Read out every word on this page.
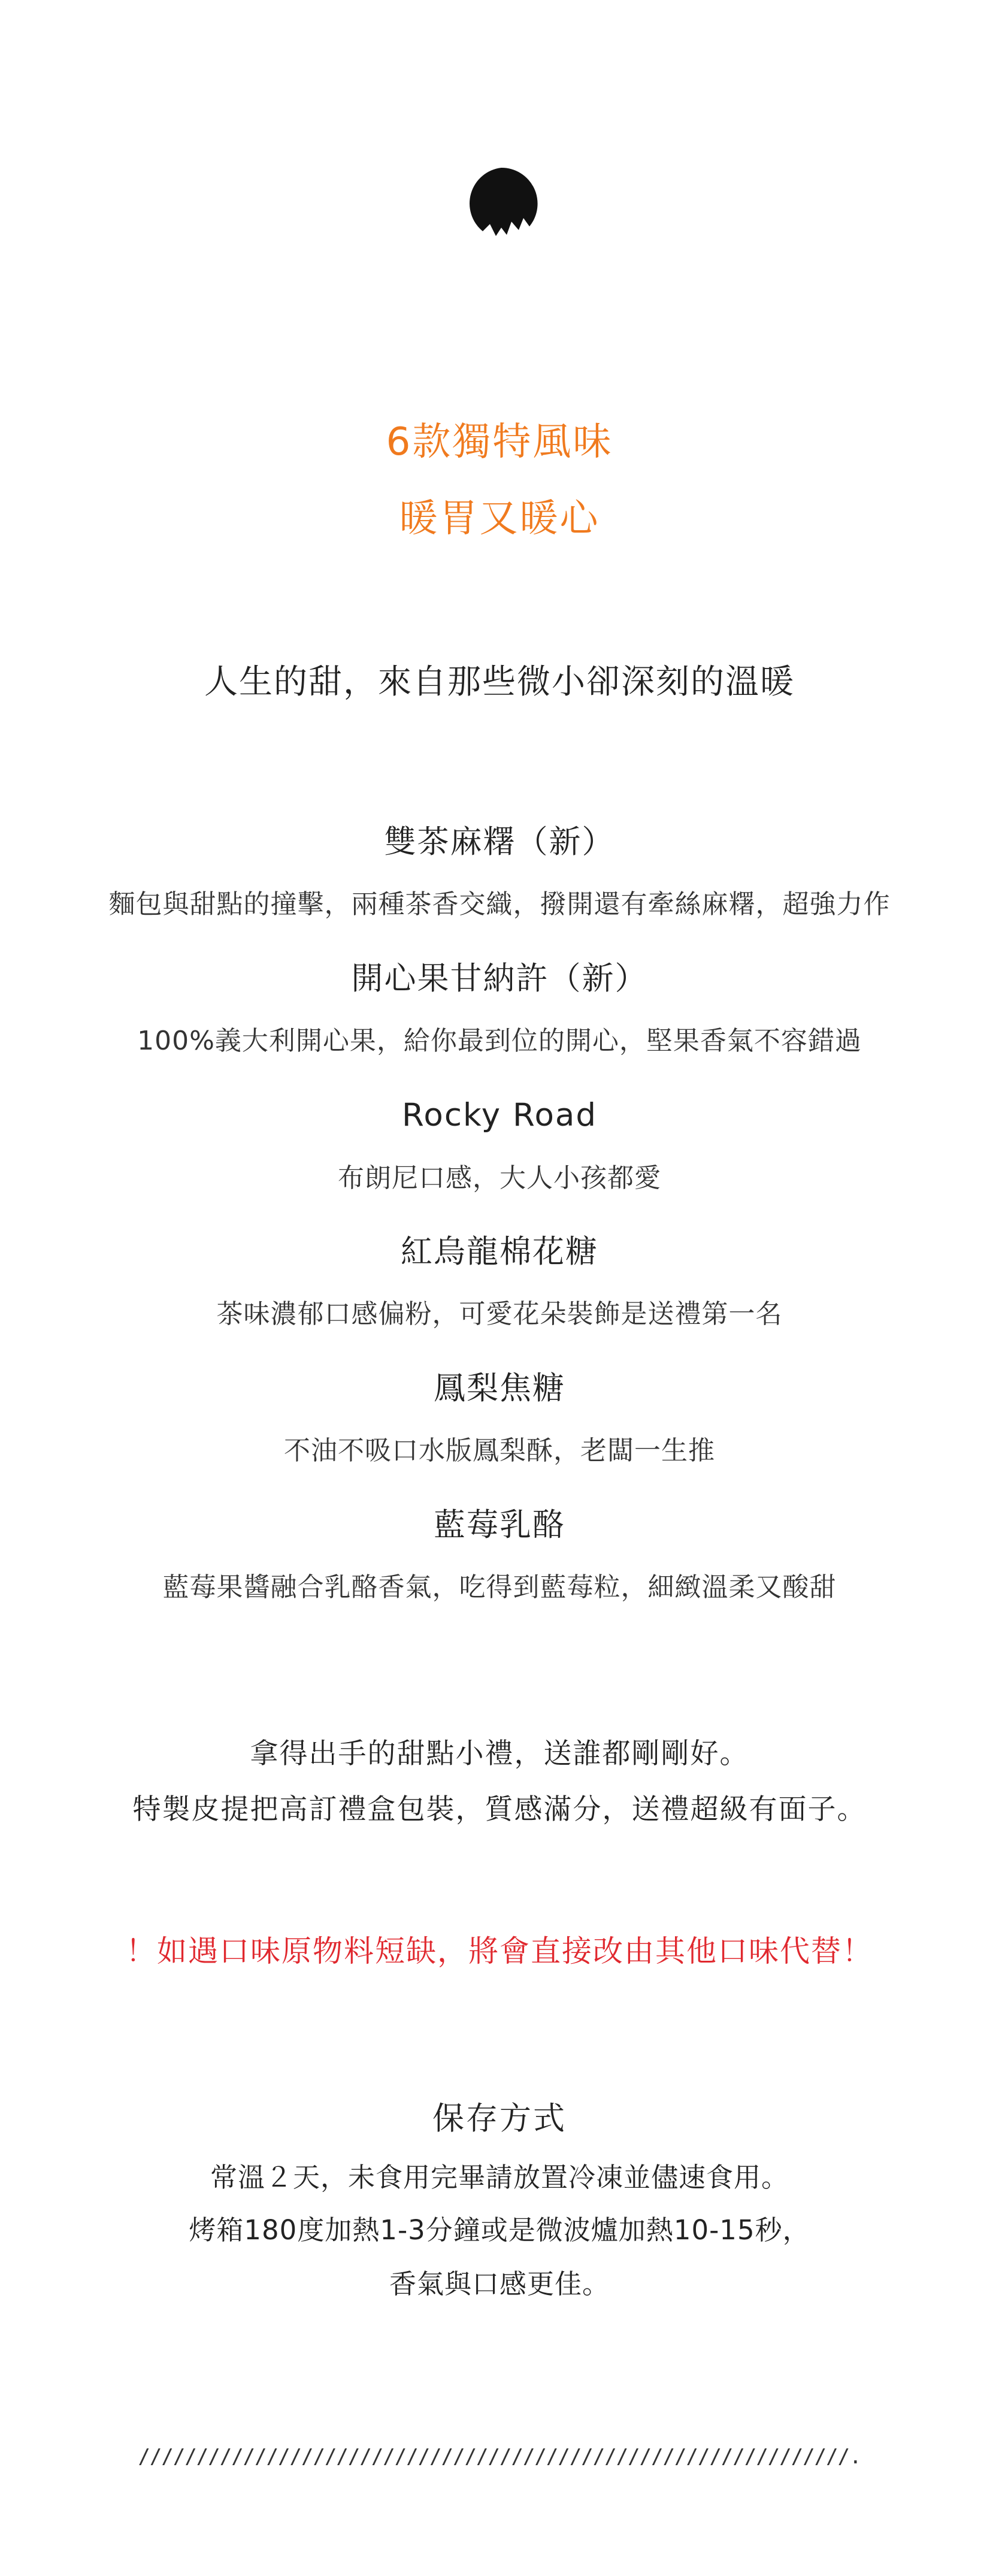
6款獨特風味
暖胃又暖心
人生的甜，來自那些微小卻深刻的溫暖
雙茶麻糬（新）
麵包與甜點的撞擊，兩種茶香交織，撥開還有牽絲麻糬，超強力作
開心果甘納許（新）
100%義大利開心果，給你最到位的開心，堅果香氣不容錯過
Rocky Road
布朗尼口感，大人小孩都愛
紅烏龍棉花糖
茶味濃郁口感偏粉，可愛花朵裝飾是送禮第一名
鳳梨焦糖
不油不吸口水版鳳梨酥，老闆一生推
藍莓乳酪
藍莓果醬融合乳酪香氣，吃得到藍莓粒，細緻溫柔又酸甜
拿得出手的甜點小禮，送誰都剛剛好。
特製皮提把高訂禮盒包裝，質感滿分，送禮超級有面子。
！如遇口味原物料短缺，將會直接改由其他口味代替！
保存方式
常溫２天，未食用完畢請放置冷凍並儘速食用。
烤箱180度加熱1-3分鐘或是微波爐加熱10-15秒，
香氣與口感更佳。
/////////////////////////////////////////////////////////////.
